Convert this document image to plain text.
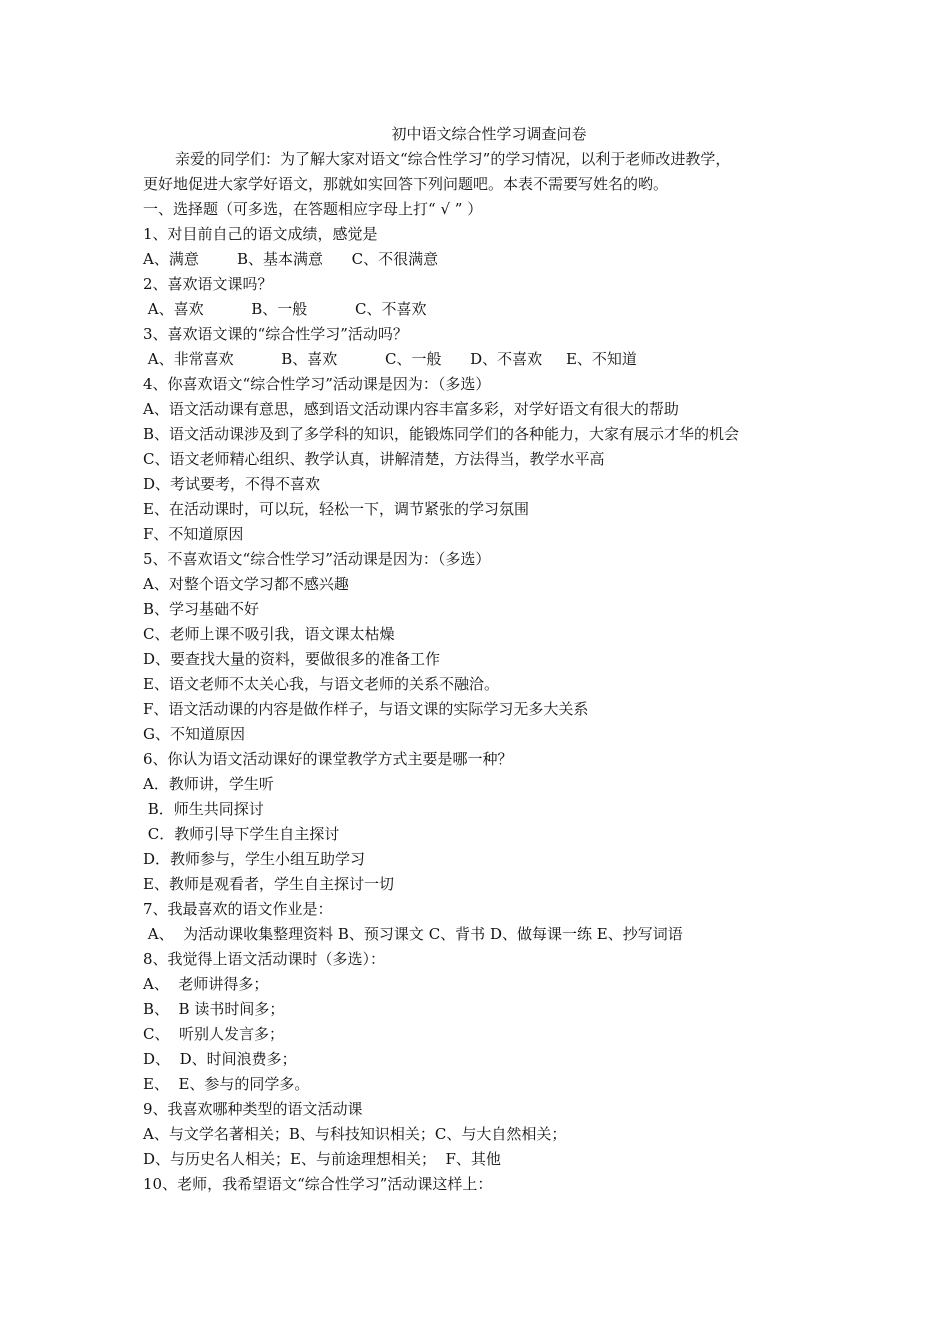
初中语文综合性学习调查问卷
亲爱的同学们：为了解大家对语文“综合性学习”的学习情况，以利于老师改进教学，
更好地促进大家学好语文，那就如实回答下列问题吧。本表不需要写姓名的哟。
一、选择题（可多选，在答题相应字母上打“ √ ” ）
1、对目前自己的语文成绩，感觉是
A、满意        B、基本满意      C、不很满意
2、喜欢语文课吗？
A、喜欢          B、一般          C、不喜欢
3、喜欢语文课的“综合性学习”活动吗？
A、非常喜欢          B、喜欢          C、一般      D、不喜欢     E、不知道
4、你喜欢语文“综合性学习”活动课是因为：（多选）
A、语文活动课有意思，感到语文活动课内容丰富多彩，对学好语文有很大的帮助
B、语文活动课涉及到了多学科的知识，能锻炼同学们的各种能力，大家有展示才华的机会
C、语文老师精心组织、教学认真，讲解清楚，方法得当，教学水平高
D、考试要考，不得不喜欢
E、在活动课时，可以玩，轻松一下，调节紧张的学习氛围
F、不知道原因
5、不喜欢语文“综合性学习”活动课是因为：（多选）
A、对整个语文学习都不感兴趣
B、学习基础不好
C、老师上课不吸引我，语文课太枯燥
D、要查找大量的资料，要做很多的准备工作
E、语文老师不太关心我，与语文老师的关系不融洽。
F、语文活动课的内容是做作样子，与语文课的实际学习无多大关系
G、不知道原因
6、你认为语文活动课好的课堂教学方式主要是哪一种？
A．教师讲，学生听
B．师生共同探讨
C．教师引导下学生自主探讨
D．教师参与，学生小组互助学习
E、教师是观看者，学生自主探讨一切
7、我最喜欢的语文作业是：
A、  为活动课收集整理资料 B、预习课文 C、背书 D、做每课一练 E、抄写词语
8、我觉得上语文活动课时（多选）：
A、  老师讲得多；
B、  B 读书时间多；
C、  听别人发言多；
D、  D、时间浪费多；
E、  E、参与的同学多。
9、我喜欢哪种类型的语文活动课
A、与文学名著相关；B、与科技知识相关；C、与大自然相关；
D、与历史名人相关；E、与前途理想相关；  F、其他
10、老师，我希望语文“综合性学习”活动课这样上：
